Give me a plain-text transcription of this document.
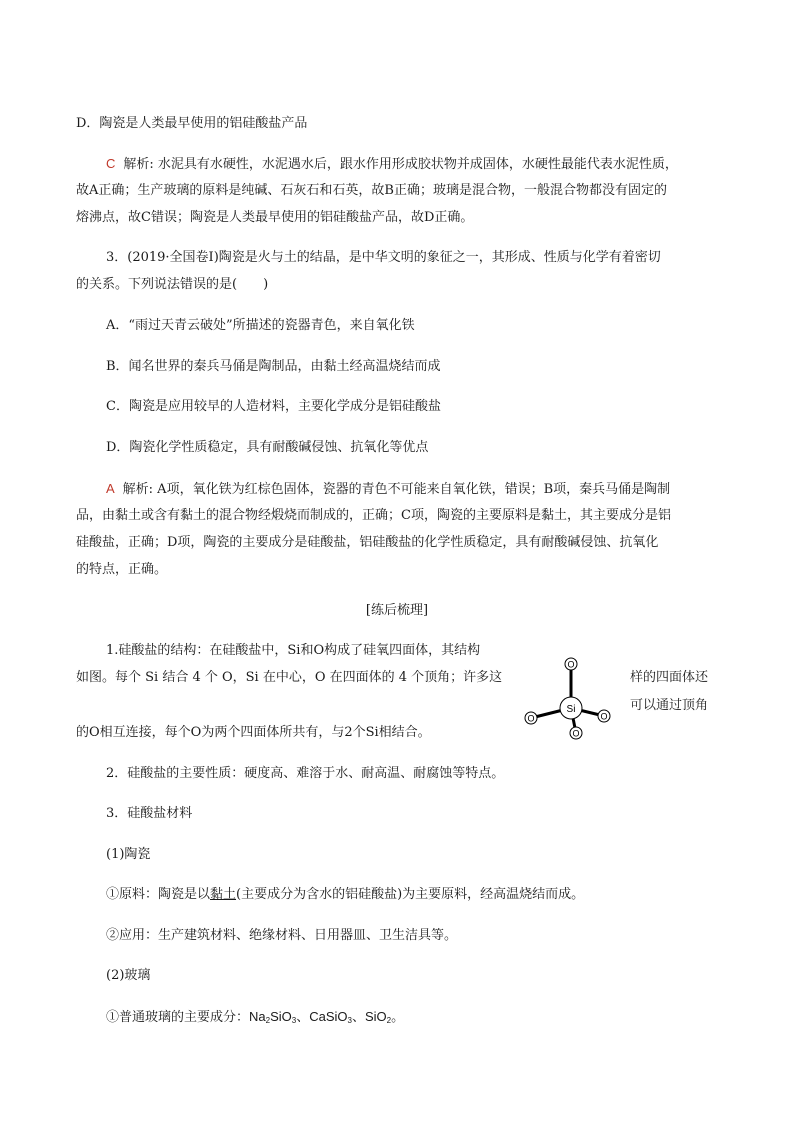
D．陶瓷是人类最早使用的铝硅酸盐产品
C 解析: 水泥具有水硬性，水泥遇水后，跟水作用形成胶状物并成固体，水硬性最能代表水泥性质，
故A正确；生产玻璃的原料是纯碱、石灰石和石英，故B正确；玻璃是混合物，一般混合物都没有固定的
熔沸点，故C错误；陶瓷是人类最早使用的铝硅酸盐产品，故D正确。
3．(2019·全国卷Ⅰ)陶瓷是火与土的结晶，是中华文明的象征之一，其形成、性质与化学有着密切
的关系。下列说法错误的是(　　)
A．“雨过天青云破处”所描述的瓷器青色，来自氧化铁
B．闻名世界的秦兵马俑是陶制品，由黏土经高温烧结而成
C．陶瓷是应用较早的人造材料，主要化学成分是铝硅酸盐
D．陶瓷化学性质稳定，具有耐酸碱侵蚀、抗氧化等优点
A 解析: A项，氧化铁为红棕色固体，瓷器的青色不可能来自氧化铁，错误；B项，秦兵马俑是陶制
品，由黏土或含有黏土的混合物经煅烧而制成的，正确；C项，陶瓷的主要原料是黏土，其主要成分是铝
硅酸盐，正确；D项，陶瓷的主要成分是硅酸盐，铝硅酸盐的化学性质稳定，具有耐酸碱侵蚀、抗氧化
的特点，正确。
[练后梳理]
1.硅酸盐的结构：在硅酸盐中，Si和O构成了硅氧四面体，其结构
如图。每个 Si 结合 4 个 O，Si 在中心，O 在四面体的 4 个顶角；许多这	样的四面体还
可以通过顶角
的O相互连接，每个O为两个四面体所共有，与2个Si相结合。
Si
O
O	O
O
2．硅酸盐的主要性质：硬度高、难溶于水、耐高温、耐腐蚀等特点。
3．硅酸盐材料
(1)陶瓷
①原料：陶瓷是以黏土(主要成分为含水的铝硅酸盐)为主要原料，经高温烧结而成。
②应用：生产建筑材料、绝缘材料、日用器皿、卫生洁具等。
(2)玻璃
①普通玻璃的主要成分：$Na_2SiO_3$、CaSiO$_3$、SiO$_2$。
